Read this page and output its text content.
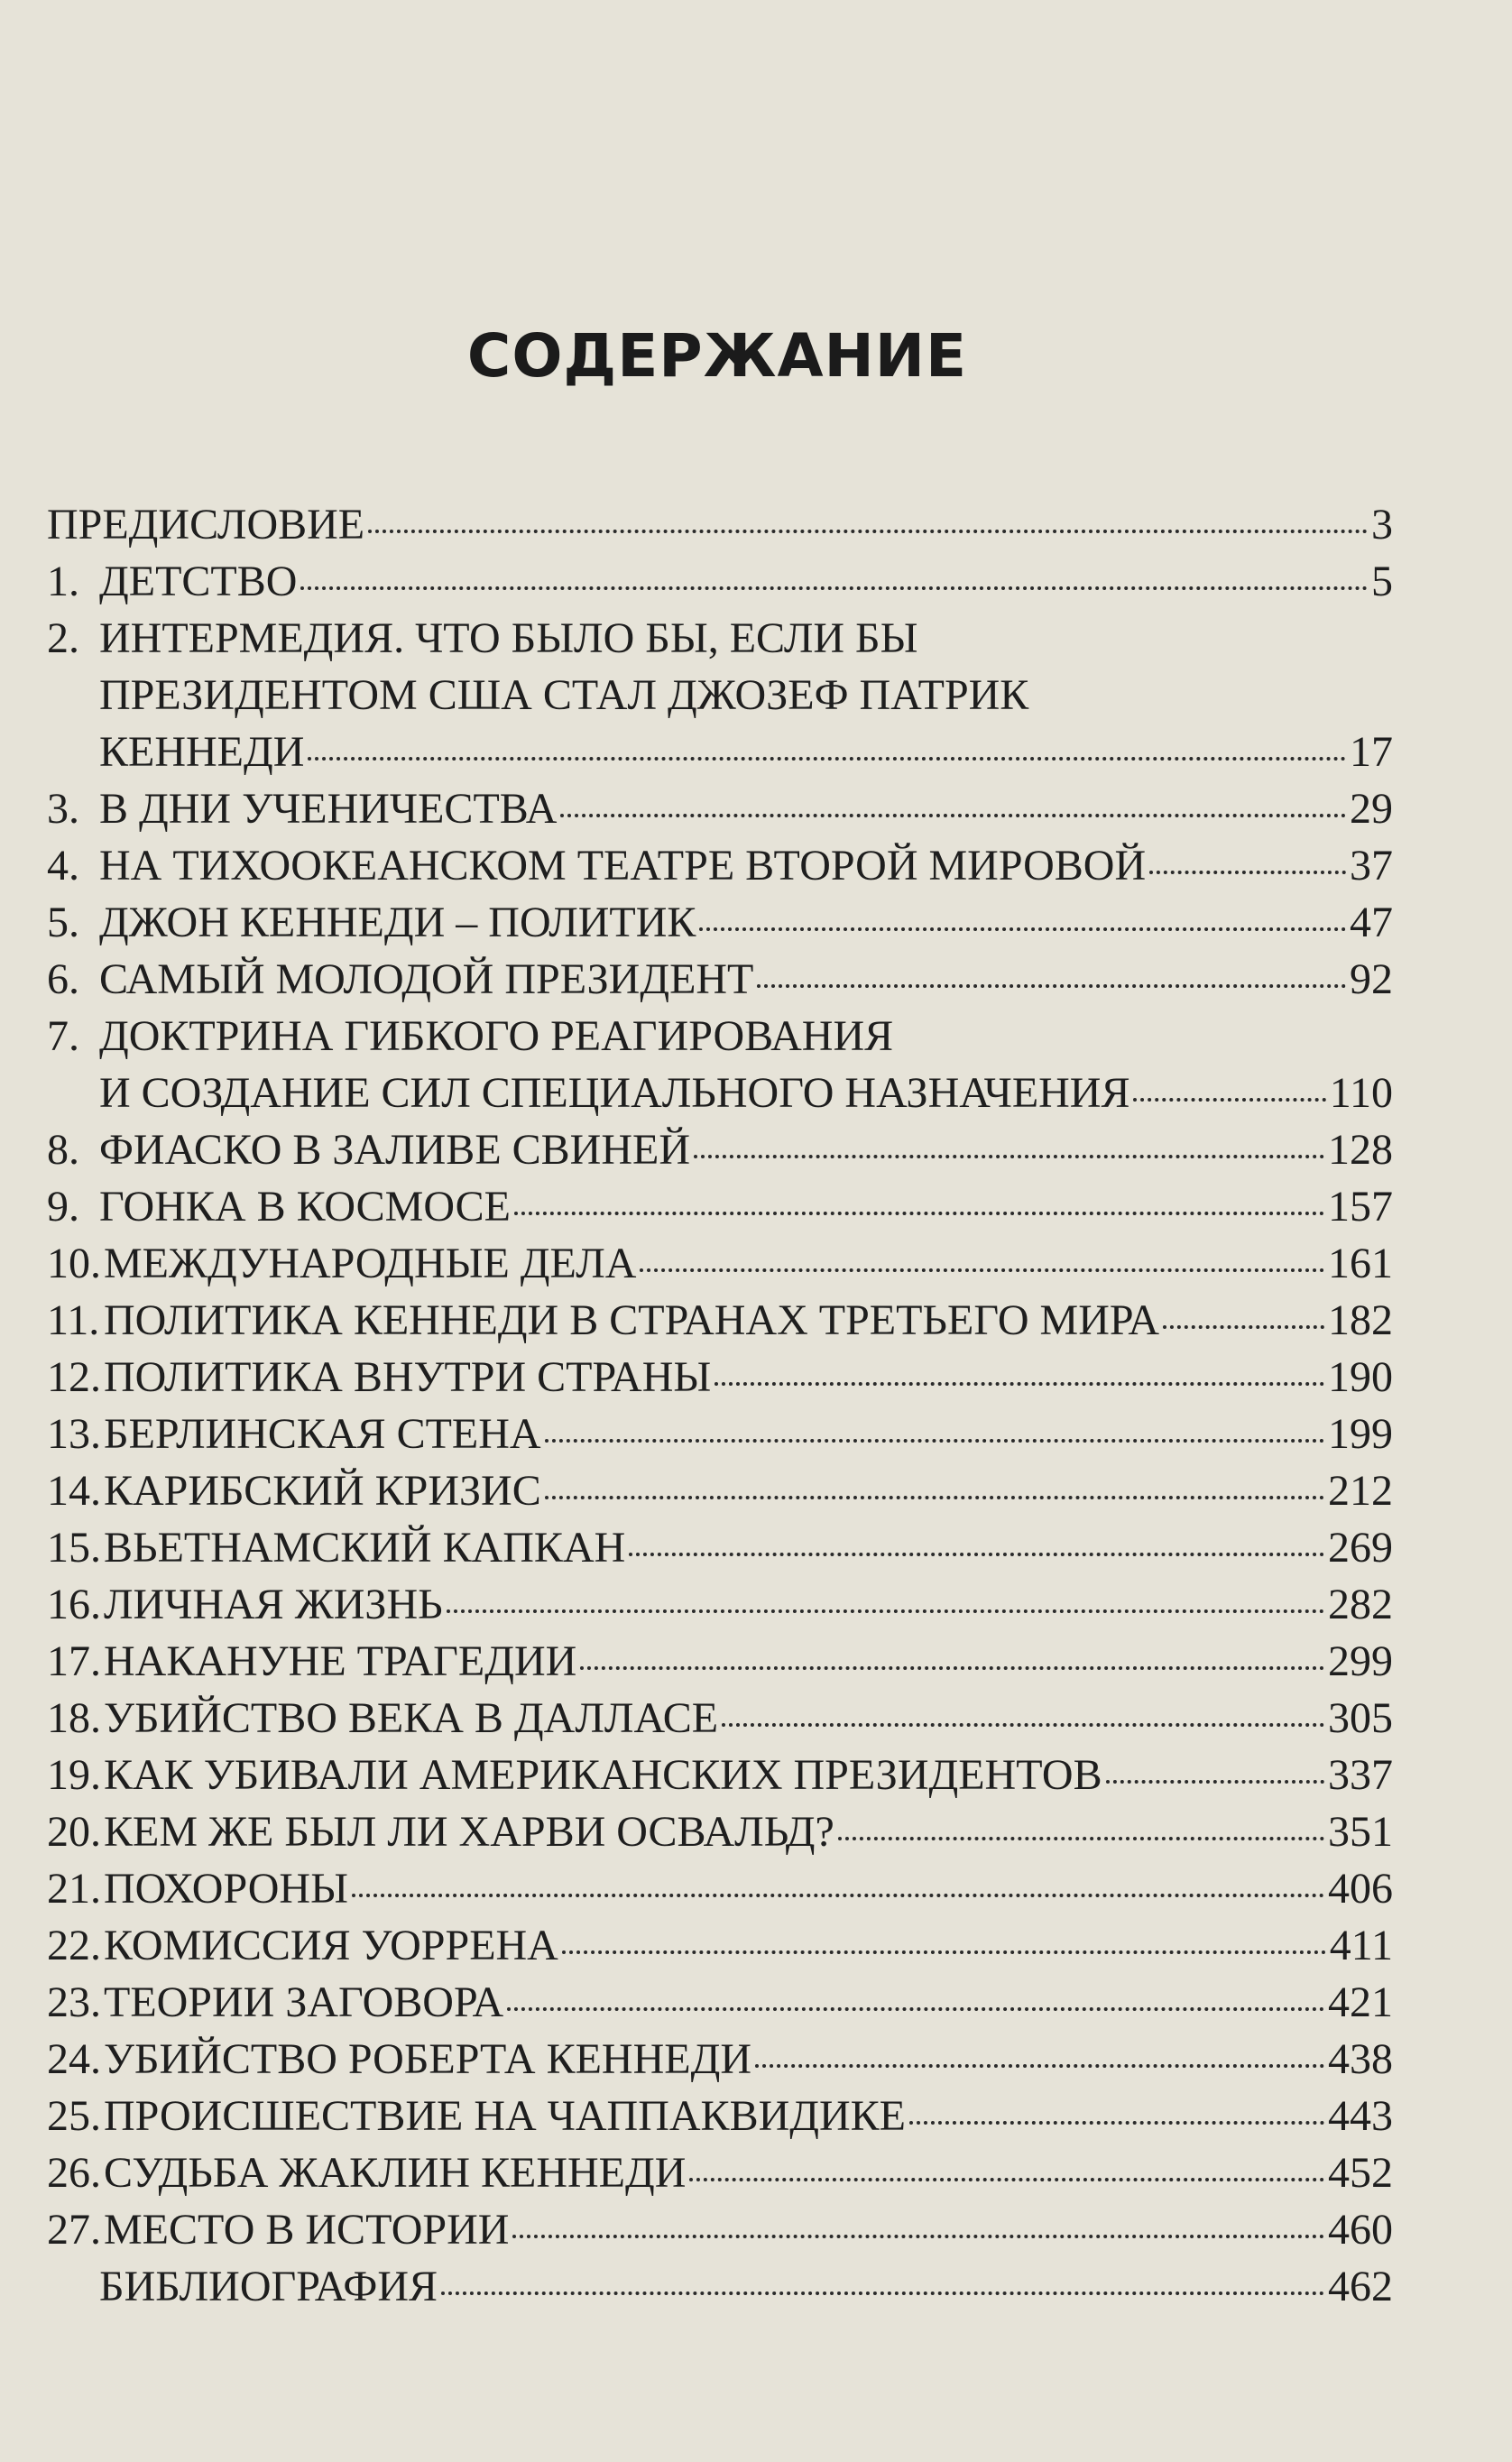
СОДЕРЖАНИЕ
ПРЕДИСЛОВИЕ	3
1. ДЕТСТВО	5
2. ИНТЕРМЕДИЯ. ЧТО БЫЛО БЫ, ЕСЛИ БЫ
ПРЕЗИДЕНТОМ США СТАЛ ДЖОЗЕФ ПАТРИК
КЕННЕДИ	17
3. В ДНИ УЧЕНИЧЕСТВА	29
4. НА ТИХООКЕАНСКОМ ТЕАТРЕ ВТОРОЙ МИРОВОЙ	37
5. ДЖОН КЕННЕДИ – ПОЛИТИК	47
6. САМЫЙ МОЛОДОЙ ПРЕЗИДЕНТ	92
7. ДОКТРИНА ГИБКОГО РЕАГИРОВАНИЯ
И СОЗДАНИЕ СИЛ СПЕЦИАЛЬНОГО НАЗНАЧЕНИЯ	110
8. ФИАСКО В ЗАЛИВЕ СВИНЕЙ	128
9. ГОНКА В КОСМОСЕ	157
10. МЕЖДУНАРОДНЫЕ ДЕЛА	161
11. ПОЛИТИКА КЕННЕДИ В СТРАНАХ ТРЕТЬЕГО МИРА	182
12. ПОЛИТИКА ВНУТРИ СТРАНЫ	190
13. БЕРЛИНСКАЯ СТЕНА	199
14. КАРИБСКИЙ КРИЗИС	212
15. ВЬЕТНАМСКИЙ КАПКАН	269
16. ЛИЧНАЯ ЖИЗНЬ	282
17. НАКАНУНЕ ТРАГЕДИИ	299
18. УБИЙСТВО ВЕКА В ДАЛЛАСЕ	305
19. КАК УБИВАЛИ АМЕРИКАНСКИХ ПРЕЗИДЕНТОВ	337
20. КЕМ ЖЕ БЫЛ ЛИ ХАРВИ ОСВАЛЬД?	351
21. ПОХОРОНЫ	406
22. КОМИССИЯ УОРРЕНА	411
23. ТЕОРИИ ЗАГОВОРА	421
24. УБИЙСТВО РОБЕРТА КЕННЕДИ	438
25. ПРОИСШЕСТВИЕ НА ЧАППАКВИДИКЕ	443
26. СУДЬБА ЖАКЛИН КЕННЕДИ	452
27. МЕСТО В ИСТОРИИ	460
БИБЛИОГРАФИЯ	462
